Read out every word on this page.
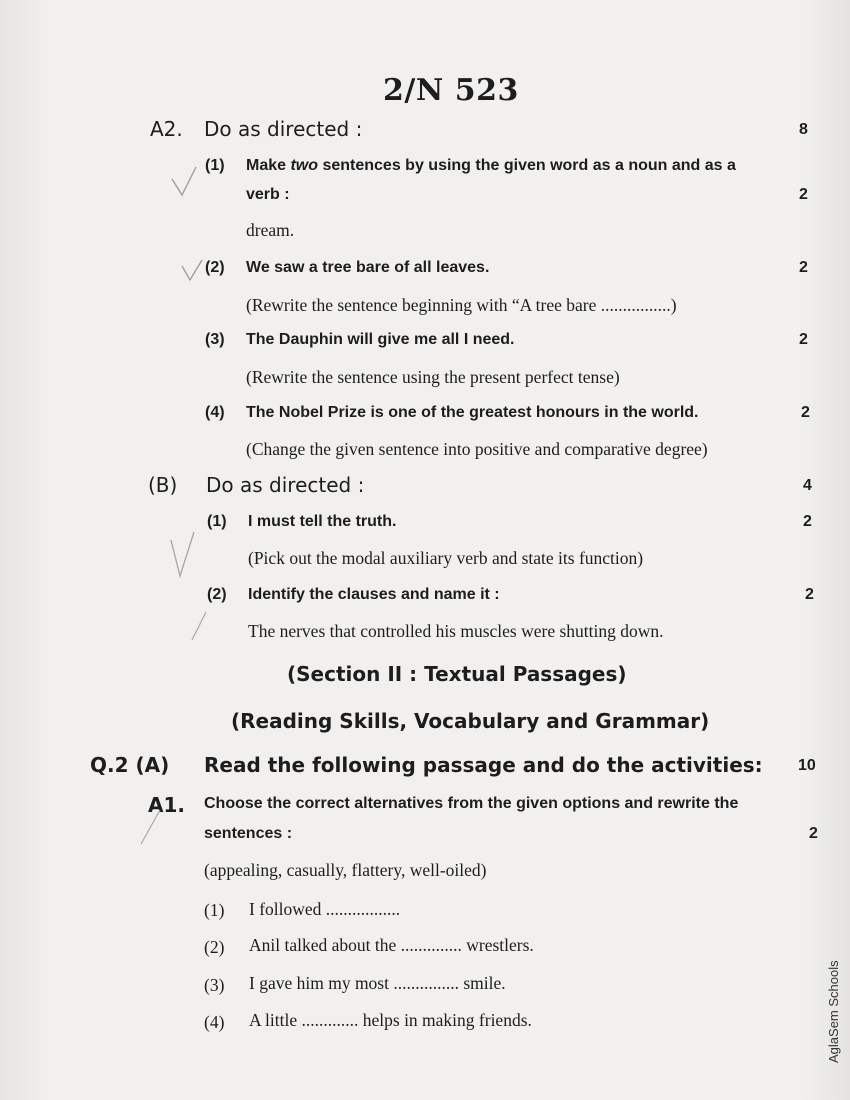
2/N 523
A2. Do as directed :	8
(1) Make two sentences by using the given word as a noun and as a
verb :	2
dream.
(2) We saw a tree bare of all leaves.	2
(Rewrite the sentence beginning with “A tree bare ................)
(3) The Dauphin will give me all I need.	2
(Rewrite the sentence using the present perfect tense)
(4) The Nobel Prize is one of the greatest honours in the world.	2
(Change the given sentence into positive and comparative degree)
(B) Do as directed :	4
(1) I must tell the truth.	2
(Pick out the modal auxiliary verb and state its function)
(2) Identify the clauses and name it :	2
The nerves that controlled his muscles were shutting down.
(Section II : Textual Passages)
(Reading Skills, Vocabulary and Grammar)
Q.2 (A) Read the following passage and do the activities: 10
A1. Choose the correct alternatives from the given options and rewrite the
sentences :	2
(appealing, casually, flattery, well-oiled)
(1) I followed .................
(2) Anil talked about the .............. wrestlers.
(3) I gave him my most ............... smile.
(4) A little ............. helps in making friends.	AglaSem Schools
